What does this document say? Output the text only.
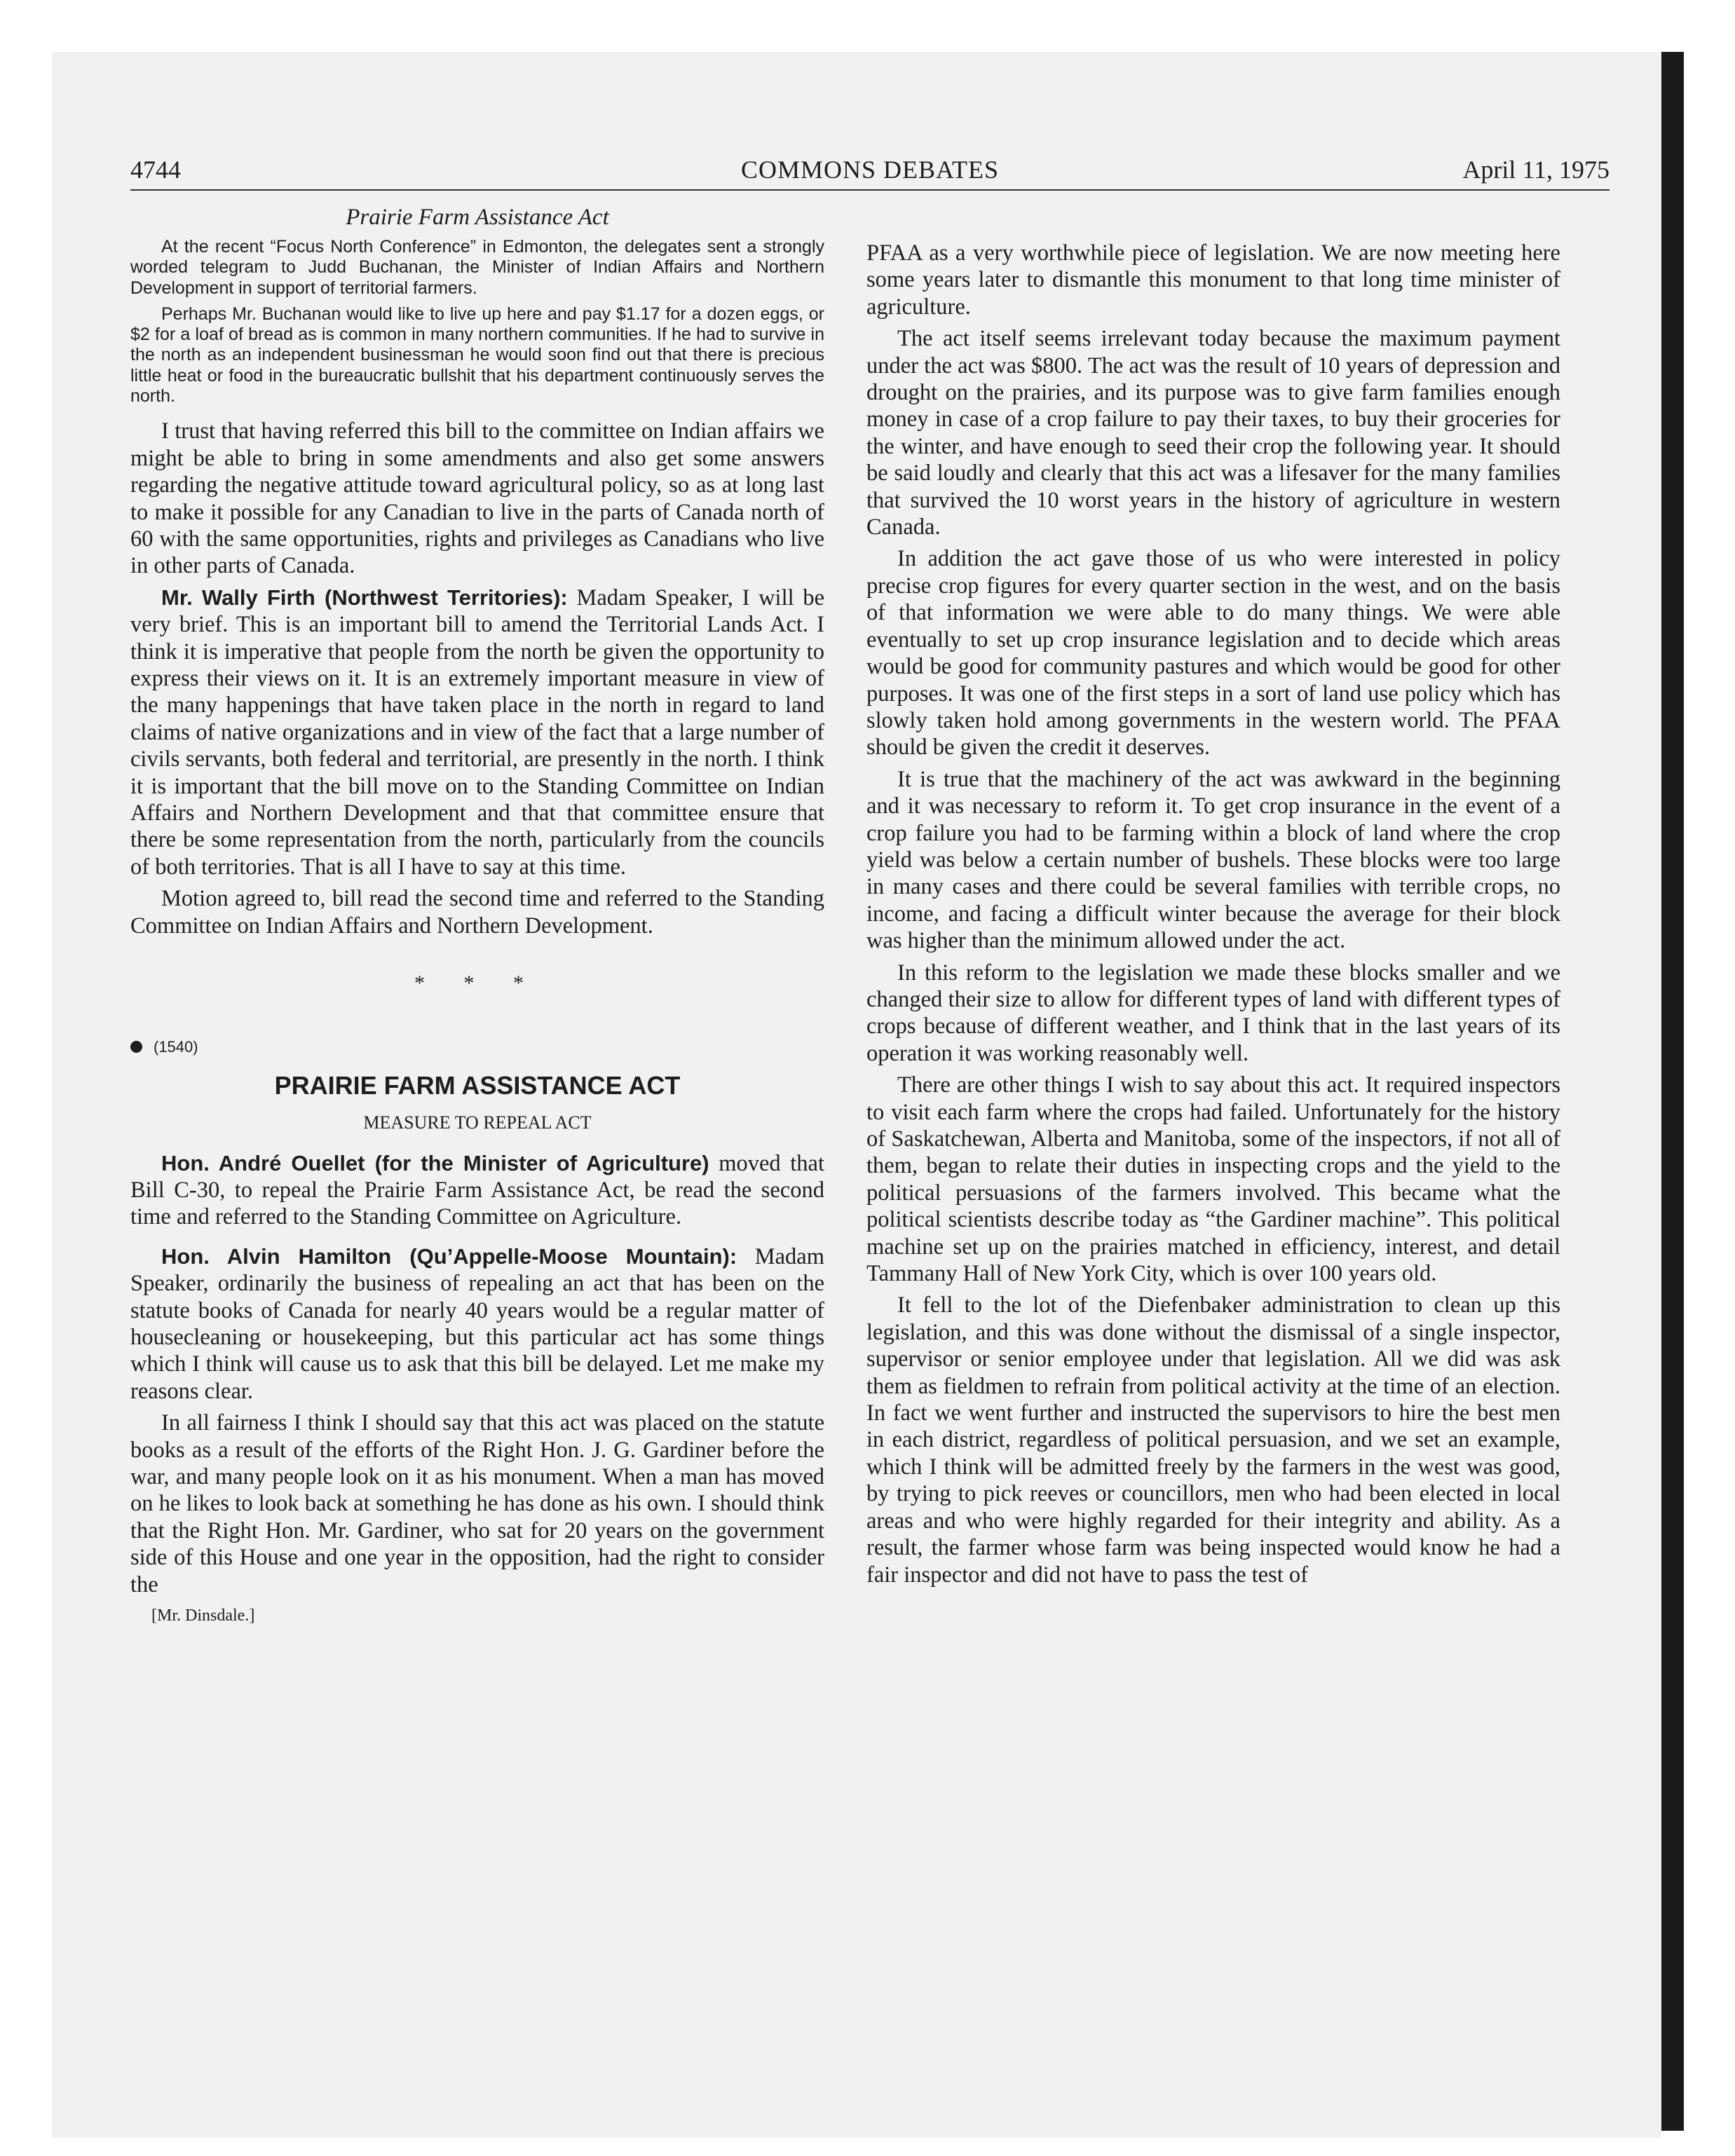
4744	COMMONS DEBATES	April 11, 1975
Prairie Farm Assistance Act

At the recent “Focus North Conference” in Edmonton, the delegates sent a strongly worded telegram to Judd Buchanan, the Minister of Indian Affairs and Northern Development in support of territorial farmers.

Perhaps Mr. Buchanan would like to live up here and pay $1.17 for a dozen eggs, or $2 for a loaf of bread as is common in many northern communities. If he had to survive in the north as an independent businessman he would soon find out that there is precious little heat or food in the bureaucratic bullshit that his department continuously serves the north.

I trust that having referred this bill to the committee on Indian affairs we might be able to bring in some amendments and also get some answers regarding the negative attitude toward agricultural policy, so as at long last to make it possible for any Canadian to live in the parts of Canada north of 60 with the same opportunities, rights and privileges as Canadians who live in other parts of Canada.

Mr. Wally Firth (Northwest Territories): Madam Speaker, I will be very brief. This is an important bill to amend the Territorial Lands Act. I think it is imperative that people from the north be given the opportunity to express their views on it. It is an extremely important measure in view of the many happenings that have taken place in the north in regard to land claims of native organizations and in view of the fact that a large number of civils servants, both federal and territorial, are presently in the north. I think it is important that the bill move on to the Standing Committee on Indian Affairs and Northern Development and that that committee ensure that there be some representation from the north, particularly from the councils of both territories. That is all I have to say at this time.

Motion agreed to, bill read the second time and referred to the Standing Committee on Indian Affairs and Northern Development.

* * *
(1540)
PRAIRIE FARM ASSISTANCE ACT
MEASURE TO REPEAL ACT

Hon. André Ouellet (for the Minister of Agriculture) moved that Bill C-30, to repeal the Prairie Farm Assistance Act, be read the second time and referred to the Standing Committee on Agriculture.

Hon. Alvin Hamilton (Qu’Appelle-Moose Mountain): Madam Speaker, ordinarily the business of repealing an act that has been on the statute books of Canada for nearly 40 years would be a regular matter of housecleaning or housekeeping, but this particular act has some things which I think will cause us to ask that this bill be delayed. Let me make my reasons clear.

In all fairness I think I should say that this act was placed on the statute books as a result of the efforts of the Right Hon. J. G. Gardiner before the war, and many people look on it as his monument. When a man has moved on he likes to look back at something he has done as his own. I should think that the Right Hon. Mr. Gardiner, who sat for 20 years on the government side of this House and one year in the opposition, had the right to consider the

[Mr. Dinsdale.]

PFAA as a very worthwhile piece of legislation. We are now meeting here some years later to dismantle this monument to that long time minister of agriculture.

The act itself seems irrelevant today because the maximum payment under the act was $800. The act was the result of 10 years of depression and drought on the prairies, and its purpose was to give farm families enough money in case of a crop failure to pay their taxes, to buy their groceries for the winter, and have enough to seed their crop the following year. It should be said loudly and clearly that this act was a lifesaver for the many families that survived the 10 worst years in the history of agriculture in western Canada.

In addition the act gave those of us who were interested in policy precise crop figures for every quarter section in the west, and on the basis of that information we were able to do many things. We were able eventually to set up crop insurance legislation and to decide which areas would be good for community pastures and which would be good for other purposes. It was one of the first steps in a sort of land use policy which has slowly taken hold among governments in the western world. The PFAA should be given the credit it deserves.

It is true that the machinery of the act was awkward in the beginning and it was necessary to reform it. To get crop insurance in the event of a crop failure you had to be farming within a block of land where the crop yield was below a certain number of bushels. These blocks were too large in many cases and there could be several families with terrible crops, no income, and facing a difficult winter because the average for their block was higher than the minimum allowed under the act.

In this reform to the legislation we made these blocks smaller and we changed their size to allow for different types of land with different types of crops because of different weather, and I think that in the last years of its operation it was working reasonably well.

There are other things I wish to say about this act. It required inspectors to visit each farm where the crops had failed. Unfortunately for the history of Saskatchewan, Alberta and Manitoba, some of the inspectors, if not all of them, began to relate their duties in inspecting crops and the yield to the political persuasions of the farmers involved. This became what the political scientists describe today as “the Gardiner machine”. This political machine set up on the prairies matched in efficiency, interest, and detail Tammany Hall of New York City, which is over 100 years old.

It fell to the lot of the Diefenbaker administration to clean up this legislation, and this was done without the dismissal of a single inspector, supervisor or senior employee under that legislation. All we did was ask them as fieldmen to refrain from political activity at the time of an election. In fact we went further and instructed the supervisors to hire the best men in each district, regardless of political persuasion, and we set an example, which I think will be admitted freely by the farmers in the west was good, by trying to pick reeves or councillors, men who had been elected in local areas and who were highly regarded for their integrity and ability. As a result, the farmer whose farm was being inspected would know he had a fair inspector and did not have to pass the test of
